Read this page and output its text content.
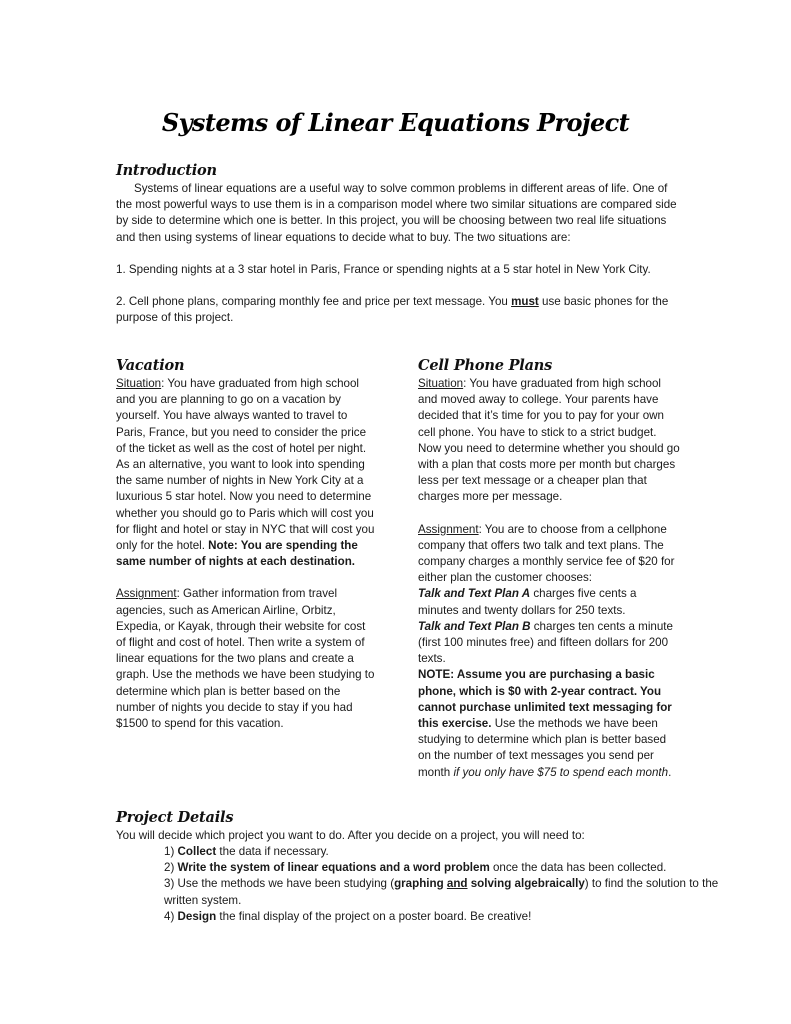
Systems of Linear Equations Project
Introduction

Systems of linear equations are a useful way to solve common problems in different areas of life. One of the most powerful ways to use them is in a comparison model where two similar situations are compared side by side to determine which one is better. In this project, you will be choosing between two real life situations and then using systems of linear equations to decide what to buy. The two situations are:

1. Spending nights at a 3 star hotel in Paris, France or spending nights at a 5 star hotel in New York City.

2. Cell phone plans, comparing monthly fee and price per text message. You must use basic phones for the purpose of this project.

Vacation

Situation: You have graduated from high school and you are planning to go on a vacation by yourself. You have always wanted to travel to Paris, France, but you need to consider the price of the ticket as well as the cost of hotel per night. As an alternative, you want to look into spending the same number of nights in New York City at a luxurious 5 star hotel. Now you need to determine whether you should go to Paris which will cost you for flight and hotel or stay in NYC that will cost you only for the hotel. Note: You are spending the same number of nights at each destination.

Assignment: Gather information from travel agencies, such as American Airline, Orbitz, Expedia, or Kayak, through their website for cost of flight and cost of hotel. Then write a system of linear equations for the two plans and create a graph. Use the methods we have been studying to determine which plan is better based on the number of nights you decide to stay if you had $1500 to spend for this vacation.

Cell Phone Plans

Situation: You have graduated from high school and moved away to college. Your parents have decided that it’s time for you to pay for your own cell phone. You have to stick to a strict budget. Now you need to determine whether you should go with a plan that costs more per month but charges less per text message or a cheaper plan that charges more per message.

Assignment: You are to choose from a cellphone company that offers two talk and text plans. The company charges a monthly service fee of $20 for either plan the customer chooses:

Talk and Text Plan A charges five cents a minutes and twenty dollars for 250 texts.

Talk and Text Plan B charges ten cents a minute (first 100 minutes free) and fifteen dollars for 200 texts.

NOTE: Assume you are purchasing a basic phone, which is $0 with 2-year contract. You cannot purchase unlimited text messaging for this exercise. Use the methods we have been studying to determine which plan is better based on the number of text messages you send per month if you only have $75 to spend each month.

Project Details
You will decide which project you want to do. After you decide on a project, you will need to:

1) Collect the data if necessary.

2) Write the system of linear equations and a word problem once the data has been collected.

3) Use the methods we have been studying (graphing and solving algebraically) to find the solution to the written system.

4) Design the final display of the project on a poster board. Be creative!
